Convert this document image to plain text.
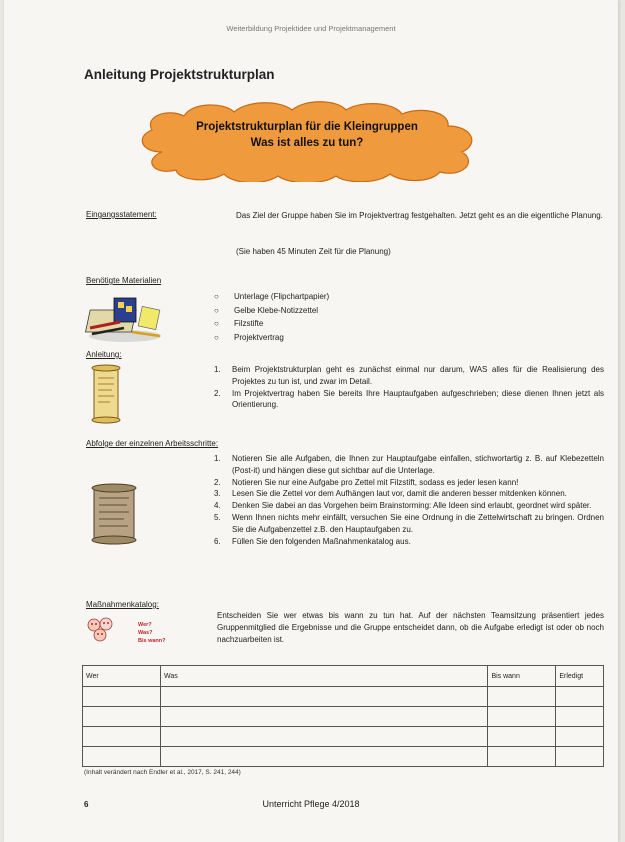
Weiterbildung Projektidee und Projektmanagement
Anleitung Projektstrukturplan
Projektstrukturplan für die Kleingruppen
Was ist alles zu tun?
Eingangsstatement:	Das Ziel der Gruppe haben Sie im Projektvertrag festgehalten. Jetzt geht es an die eigentliche Planung.
(Sie haben 45 Minuten Zeit für die Planung)
Benötigte Materialien
○ Unterlage (Flipchartpapier)
○ Gelbe Klebe-Notizzettel
○ Filzstifte
○ Projektvertrag
Anleitung:
1. Beim Projektstrukturplan geht es zunächst einmal nur darum, WAS alles für die Realisierung des Projektes zu tun ist, und zwar im Detail.
2. Im Projektvertrag haben Sie bereits Ihre Hauptaufgaben aufgeschrieben; diese dienen Ihnen jetzt als Orientierung.
Abfolge der einzelnen Arbeitsschritte:
1. Notieren Sie alle Aufgaben, die Ihnen zur Hauptaufgabe einfallen, stichwortartig z. B. auf Klebezetteln (Post-it) und hängen diese gut sichtbar auf die Unterlage.
2. Notieren Sie nur eine Aufgabe pro Zettel mit Filzstift, sodass es jeder lesen kann!
3. Lesen Sie die Zettel vor dem Aufhängen laut vor, damit die anderen besser mitdenken können.
4. Denken Sie dabei an das Vorgehen beim Brainstorming: Alle Ideen sind erlaubt, geordnet wird später.
5. Wenn Ihnen nichts mehr einfällt, versuchen Sie eine Ordnung in die Zettelwirtschaft zu bringen. Ordnen Sie die Aufgabenzettel z.B. den Hauptaufgaben zu.
6. Füllen Sie den folgenden Maßnahmenkatalog aus.
Maßnahmenkatalog:
Wer?
Was?
Bis wann?
Entscheiden Sie wer etwas bis wann zu tun hat. Auf der nächsten Teamsitzung präsentiert jedes Gruppenmitglied die Ergebnisse und die Gruppe entscheidet dann, ob die Aufgabe erledigt ist oder ob noch nachzuarbeiten ist.
Wer	Was	Bis wann	Erledigt

(Inhalt verändert nach Endler et al., 2017, S. 241, 244)
6	Unterricht Pflege 4/2018
